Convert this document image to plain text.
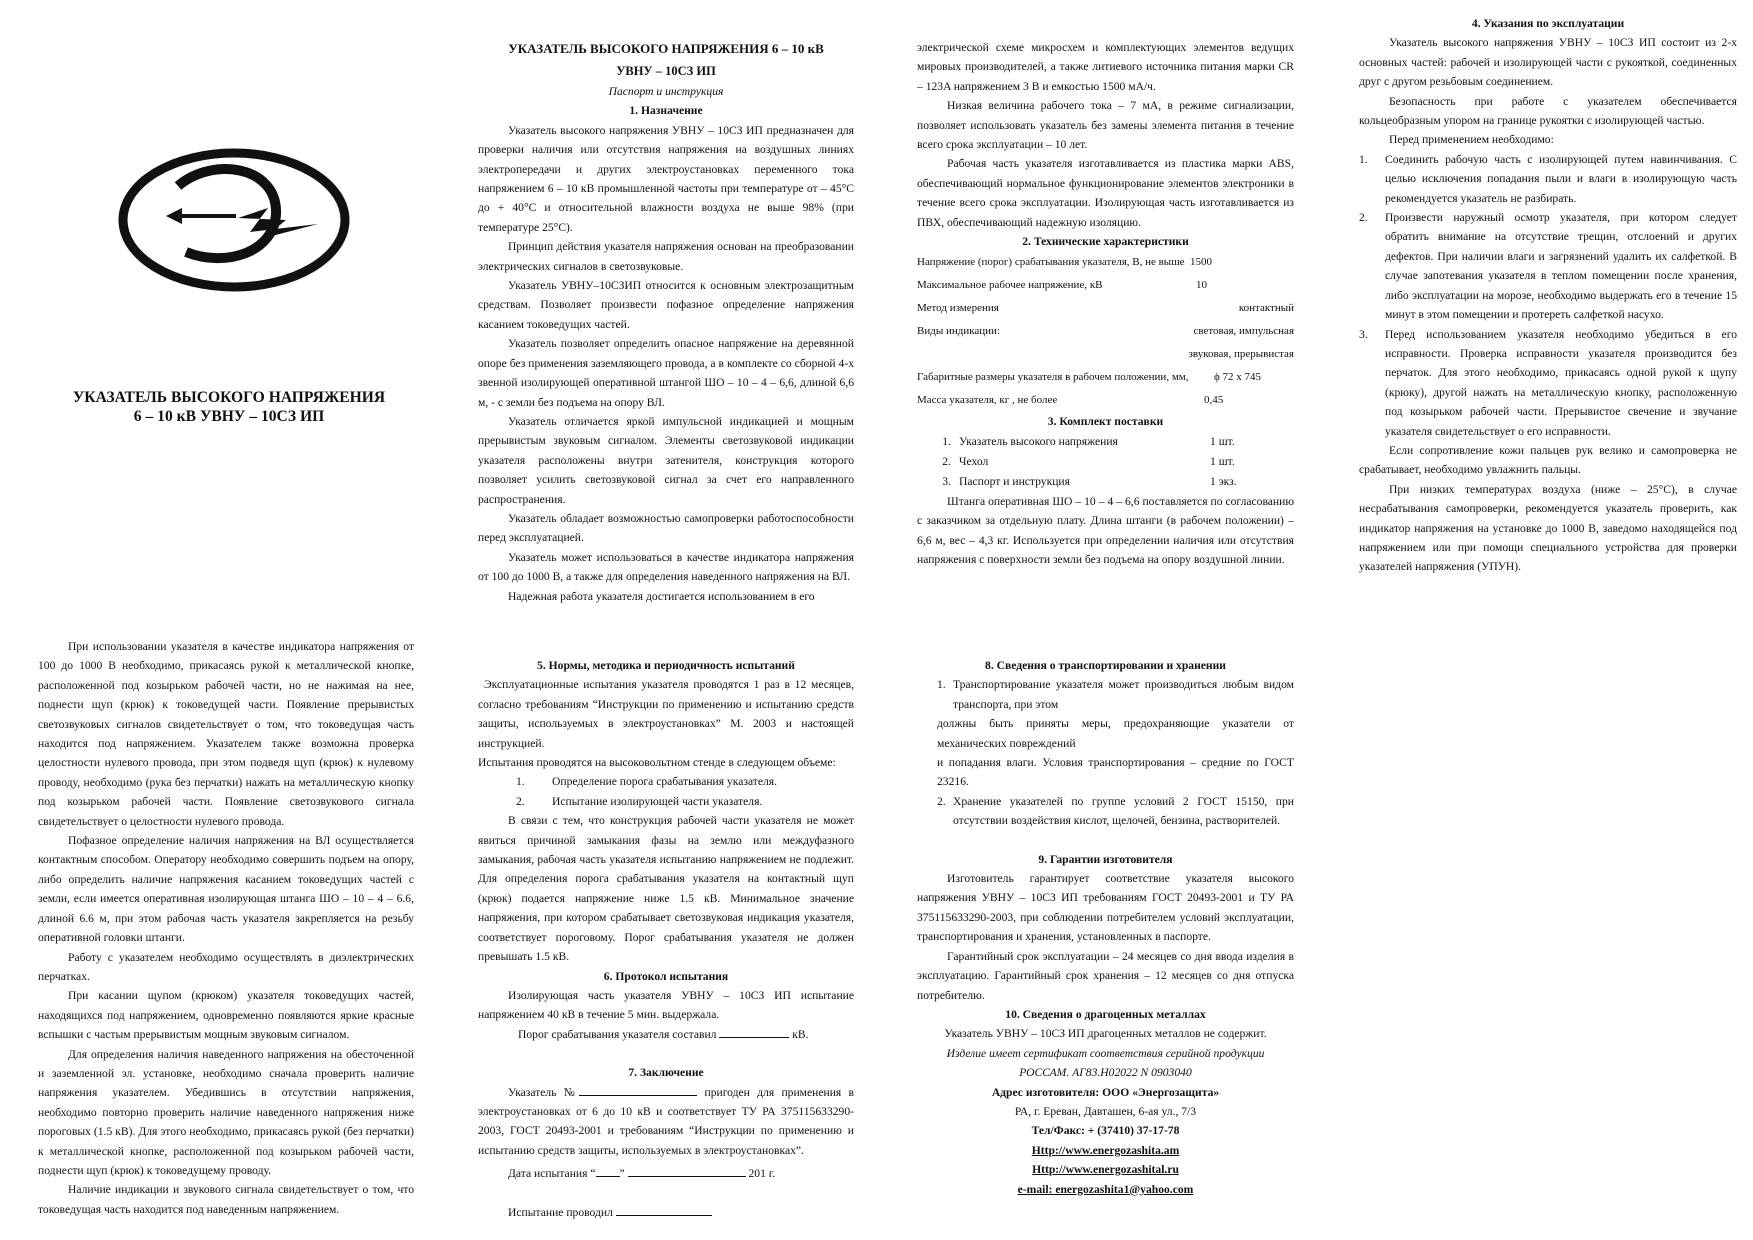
УКАЗАТЕЛЬ ВЫСОКОГО НАПРЯЖЕНИЯ
6 – 10 кВ УВНУ – 10СЗ ИП
УКАЗАТЕЛЬ ВЫСОКОГО НАПРЯЖЕНИЯ 6 – 10 кВ
УВНУ – 10СЗ ИП
Паспорт и инструкция
1. Назначение

Указатель высокого напряжения УВНУ – 10СЗ ИП предназначен для проверки наличия или отсутствия напряжения на воздушных линиях электропередачи и других электроустановках переменного тока напряжением 6 – 10 кВ промышленной частоты при температуре от – 45°С до + 40°С и относительной влажности воздуха не выше 98% (при температуре 25°С).

Принцип действия указателя напряжения основан на преобразовании электрических сигналов в светозвуковые.

Указатель УВНУ–10СЗИП относится к основным электрозащитным средствам. Позволяет произвести пофазное определение напряжения касанием токоведущих частей.

Указатель позволяет определить опасное напряжение на деревянной опоре без применения заземляющего провода, а в комплекте со сборной 4-х звенной изолирующей оперативной штангой ШО – 10 – 4 – 6,6, длиной 6,6 м, - с земли без подъема на опору ВЛ.

Указатель отличается яркой импульсной индикацией и мощным прерывистым звуковым сигналом. Элементы светозвуковой индикации указателя расположены внутри затенителя, конструкция которого позволяет усилить светозвуковой сигнал за счет его направленного распространения.

Указатель обладает возможностью самопроверки работоспособности перед эксплуатацией.

Указатель может использоваться в качестве индикатора напряжения от 100 до 1000 В, а также для определения наведенного напряжения на ВЛ.

Надежная работа указателя достигается использованием в его

электрической схеме микросхем и комплектующих элементов ведущих мировых производителей, а также литиевого источника питания марки CR – 123A напряжением 3 В и емкостью 1500 мА/ч.

Низкая величина рабочего тока – 7 мА, в режиме сигнализации, позволяет использовать указатель без замены элемента питания в течение всего срока эксплуатации – 10 лет.

Рабочая часть указателя изготавливается из пластика марки ABS, обеспечивающий нормальное функционирование элементов электроники в течение всего срока эксплуатации. Изолирующая часть изготавливается из ПВХ, обеспечивающий надежную изоляцию.

2. Технические характеристики
Напряжение (порог) срабатывания указателя, В, не выше 1500
Максимальное рабочее напряжение, кВ	10
Метод измерения	контактный
Виды индикации:	световая, импульсная
звуковая, прерывистая
Габаритные размеры указателя в рабочем положении, мм,	ϕ 72 х 745
Масса указателя, кг , не более	0,45
3. Комплект поставки
1. Указатель высокого напряжения	1 шт.
2. Чехол	1 шт.
3. Паспорт и инструкция	1 экз.

Штанга оперативная ШО – 10 – 4 – 6,6 поставляется по согласованию с заказчиком за отдельную плату. Длина штанги (в рабочем положении) – 6,6 м, вес – 4,3 кг. Используется при определении наличия или отсутствия напряжения с поверхности земли без подъема на опору воздушной линии.

4. Указания по эксплуатации

Указатель высокого напряжения УВНУ – 10СЗ ИП состоит из 2-х основных частей: рабочей и изолирующей части с рукояткой, соединенных друг с другом резьбовым соединением.

Безопасность при работе с указателем обеспечивается кольцеобразным упором на границе рукоятки с изолирующей частью.

Перед применением необходимо:

1.	Соединить рабочую часть с изолирующей путем навинчивания. С целью исключения попадания пыли и влаги в изолирующую часть рекомендуется указатель не разбирать.
2.	Произвести наружный осмотр указателя, при котором следует обратить внимание на отсутствие трещин, отслоений и других дефектов. При наличии влаги и загрязнений удалить их салфеткой. В случае запотевания указателя в теплом помещении после хранения, либо эксплуатации на морозе, необходимо выдержать его в течение 15 минут в этом помещении и протереть салфеткой насухо.
3.	Перед использованием указателя необходимо убедиться в его исправности. Проверка исправности указателя производится без перчаток. Для этого необходимо, прикасаясь одной рукой к щупу (крюку), другой нажать на металлическую кнопку, расположенную под козырьком рабочей части. Прерывистое свечение и звучание указателя свидетельствует о его исправности.

Если сопротивление кожи пальцев рук велико и самопроверка не срабатывает, необходимо увлажнить пальцы.

При низких температурах воздуха (ниже – 25°С), в случае несрабатывания самопроверки, рекомендуется указатель проверить, как индикатор напряжения на установке до 1000 В, заведомо находящейся под напряжением или при помощи специального устройства для проверки указателей напряжения (УПУН).

При использовании указателя в качестве индикатора напряжения от 100 до 1000 В необходимо, прикасаясь рукой к металлической кнопке, расположенной под козырьком рабочей части, но не нажимая на нее, поднести щуп (крюк) к токоведущей части. Появление прерывистых светозвуковых сигналов свидетельствует о том, что токоведущая часть находится под напряжением. Указателем также возможна проверка целостности нулевого провода, при этом подведя щуп (крюк) к нулевому проводу, необходимо (рука без перчатки) нажать на металлическую кнопку под козырьком рабочей части. Появление светозвукового сигнала свидетельствует о целостности нулевого провода.

Пофазное определение наличия напряжения на ВЛ осуществляется контактным способом. Оператору необходимо совершить подъем на опору, либо определить наличие напряжения касанием токоведущих частей с земли, если имеется оперативная изолирующая штанга ШО – 10 – 4 – 6.6, длиной 6.6 м, при этом рабочая часть указателя закрепляется на резьбу оперативной головки штанги.

Работу с указателем необходимо осуществлять в диэлектрических перчатках.

При касании щупом (крюком) указателя токоведущих частей, находящихся под напряжением, одновременно появляются яркие красные вспышки с частым прерывистым мощным звуковым сигналом.

Для определения наличия наведенного напряжения на обесточенной и заземленной эл. установке, необходимо сначала проверить наличие напряжения указателем. Убедившись в отсутствии напряжения, необходимо повторно проверить наличие наведенного напряжения ниже пороговых (1.5 кВ). Для этого необходимо, прикасаясь рукой (без перчатки) к металлической кнопке, расположенной под козырьком рабочей части, поднести щуп (крюк) к токоведущему проводу.

Наличие индикации и звукового сигнала свидетельствует о том, что токоведущая часть находится под наведенным напряжением.

5. Нормы, методика и периодичность испытаний

Эксплуатационные испытания указателя проводятся 1 раз в 12 месяцев, согласно требованиям “Инструкции по применению и испытанию средств защиты, используемых в электроустановках” М. 2003 и настоящей инструкцией.

Испытания проводятся на высоковольтном стенде в следующем объеме:

1.	Определение порога срабатывания указателя.
2.	Испытание изолирующей части указателя.

В связи с тем, что конструкция рабочей части указателя не может явиться причиной замыкания фазы на землю или междуфазного замыкания, рабочая часть указателя испытанию напряжением не подлежит. Для определения порога срабатывания указателя на контактный щуп (крюк) подается напряжение ниже 1.5 кВ. Минимальное значение напряжения, при котором срабатывает светозвуковая индикация указателя, соответствует пороговому. Порог срабатывания указателя не должен превышать 1.5 кВ.

6. Протокол испытания

Изолирующая часть указателя УВНУ – 10СЗ ИП испытание напряжением 40 кВ в течение 5 мин. выдержала.

Порог срабатывания указателя составил	кВ.

7. Заключение

Указатель №	пригоден для применения в электроустановках от 6 до 10 кВ и соответствует ТУ РА 375115633290-2003, ГОСТ 20493-2001 и требованиям “Инструкции по применению и испытанию средств защиты, используемых в электроустановках”.

Дата испытания “ ”	201 г.

Испытание проводил

8. Сведения о транспортировании и хранении
1. Транспортирование указателя может производиться любым видом транспорта, при этом
должны быть приняты меры, предохраняющие указатели от механических повреждений
и попадания влаги. Условия транспортирования – средние по ГОСТ 23216.
2. Хранение указателей по группе условий 2 ГОСТ 15150, при отсутствии воздействия кислот, щелочей, бензина, растворителей.
9. Гарантии изготовителя

Изготовитель гарантирует соответствие указателя высокого напряжения УВНУ – 10СЗ ИП требованиям ГОСТ 20493-2001 и ТУ РА 375115633290-2003, при соблюдении потребителем условий эксплуатации, транспортирования и хранения, установленных в паспорте.

Гарантийный срок эксплуатации – 24 месяцев со дня ввода изделия в эксплуатацию. Гарантийный срок хранения – 12 месяцев со дня отпуска потребителю.

10. Сведения о драгоценных металлах
Указатель УВНУ – 10СЗ ИП драгоценных металлов не содержит.
Изделие имеет сертификат соответствия серийной продукции
РОССАМ. АГ83.Н02022 N 0903040
Адрес изготовителя: ООО «Энергозащита»
РА, г. Ереван, Давташен, 6-ая ул., 7/3
Тел/Факс: + (37410) 37-17-78
Http://www.energozashita.am
Http://www.energozashital.ru
e-mail: energozashita1@yahoo.com
